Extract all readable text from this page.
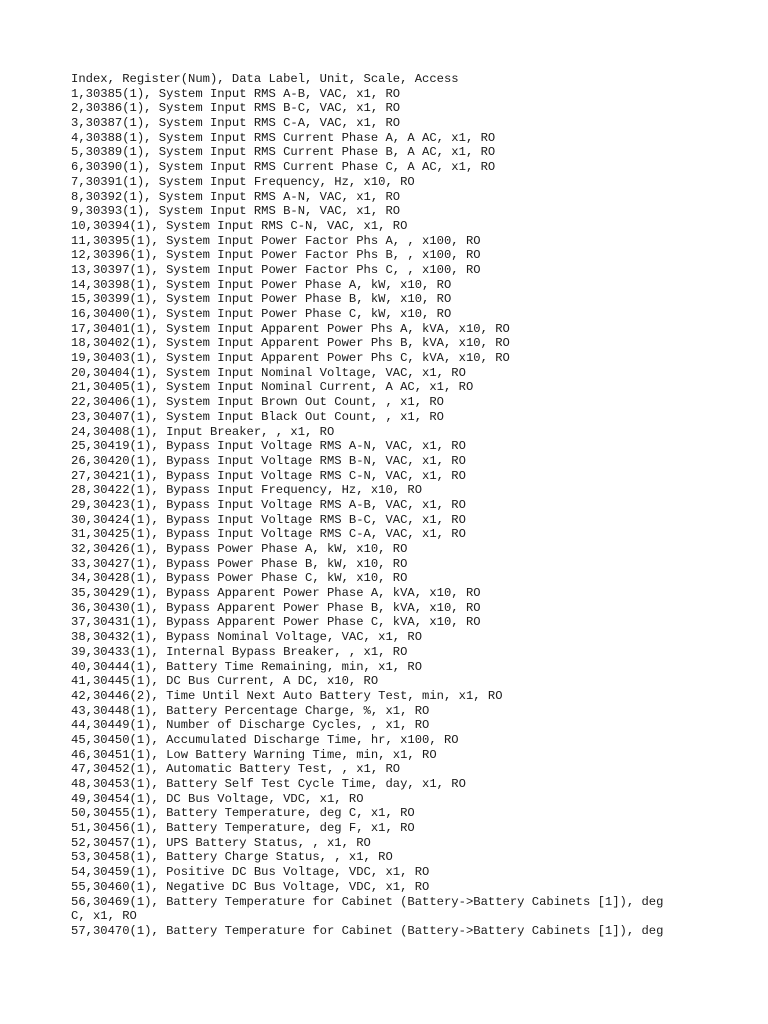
Index, Register(Num), Data Label, Unit, Scale, Access
1,30385(1), System Input RMS A-B, VAC, x1, RO
2,30386(1), System Input RMS B-C, VAC, x1, RO
3,30387(1), System Input RMS C-A, VAC, x1, RO
4,30388(1), System Input RMS Current Phase A, A AC, x1, RO
5,30389(1), System Input RMS Current Phase B, A AC, x1, RO
6,30390(1), System Input RMS Current Phase C, A AC, x1, RO
7,30391(1), System Input Frequency, Hz, x10, RO
8,30392(1), System Input RMS A-N, VAC, x1, RO
9,30393(1), System Input RMS B-N, VAC, x1, RO
10,30394(1), System Input RMS C-N, VAC, x1, RO
11,30395(1), System Input Power Factor Phs A, , x100, RO
12,30396(1), System Input Power Factor Phs B, , x100, RO
13,30397(1), System Input Power Factor Phs C, , x100, RO
14,30398(1), System Input Power Phase A, kW, x10, RO
15,30399(1), System Input Power Phase B, kW, x10, RO
16,30400(1), System Input Power Phase C, kW, x10, RO
17,30401(1), System Input Apparent Power Phs A, kVA, x10, RO
18,30402(1), System Input Apparent Power Phs B, kVA, x10, RO
19,30403(1), System Input Apparent Power Phs C, kVA, x10, RO
20,30404(1), System Input Nominal Voltage, VAC, x1, RO
21,30405(1), System Input Nominal Current, A AC, x1, RO
22,30406(1), System Input Brown Out Count, , x1, RO
23,30407(1), System Input Black Out Count, , x1, RO
24,30408(1), Input Breaker, , x1, RO
25,30419(1), Bypass Input Voltage RMS A-N, VAC, x1, RO
26,30420(1), Bypass Input Voltage RMS B-N, VAC, x1, RO
27,30421(1), Bypass Input Voltage RMS C-N, VAC, x1, RO
28,30422(1), Bypass Input Frequency, Hz, x10, RO
29,30423(1), Bypass Input Voltage RMS A-B, VAC, x1, RO
30,30424(1), Bypass Input Voltage RMS B-C, VAC, x1, RO
31,30425(1), Bypass Input Voltage RMS C-A, VAC, x1, RO
32,30426(1), Bypass Power Phase A, kW, x10, RO
33,30427(1), Bypass Power Phase B, kW, x10, RO
34,30428(1), Bypass Power Phase C, kW, x10, RO
35,30429(1), Bypass Apparent Power Phase A, kVA, x10, RO
36,30430(1), Bypass Apparent Power Phase B, kVA, x10, RO
37,30431(1), Bypass Apparent Power Phase C, kVA, x10, RO
38,30432(1), Bypass Nominal Voltage, VAC, x1, RO
39,30433(1), Internal Bypass Breaker, , x1, RO
40,30444(1), Battery Time Remaining, min, x1, RO
41,30445(1), DC Bus Current, A DC, x10, RO
42,30446(2), Time Until Next Auto Battery Test, min, x1, RO
43,30448(1), Battery Percentage Charge, %, x1, RO
44,30449(1), Number of Discharge Cycles, , x1, RO
45,30450(1), Accumulated Discharge Time, hr, x100, RO
46,30451(1), Low Battery Warning Time, min, x1, RO
47,30452(1), Automatic Battery Test, , x1, RO
48,30453(1), Battery Self Test Cycle Time, day, x1, RO
49,30454(1), DC Bus Voltage, VDC, x1, RO
50,30455(1), Battery Temperature, deg C, x1, RO
51,30456(1), Battery Temperature, deg F, x1, RO
52,30457(1), UPS Battery Status, , x1, RO
53,30458(1), Battery Charge Status, , x1, RO
54,30459(1), Positive DC Bus Voltage, VDC, x1, RO
55,30460(1), Negative DC Bus Voltage, VDC, x1, RO
56,30469(1), Battery Temperature for Cabinet (Battery->Battery Cabinets [1]), deg
C, x1, RO
57,30470(1), Battery Temperature for Cabinet (Battery->Battery Cabinets [1]), deg
